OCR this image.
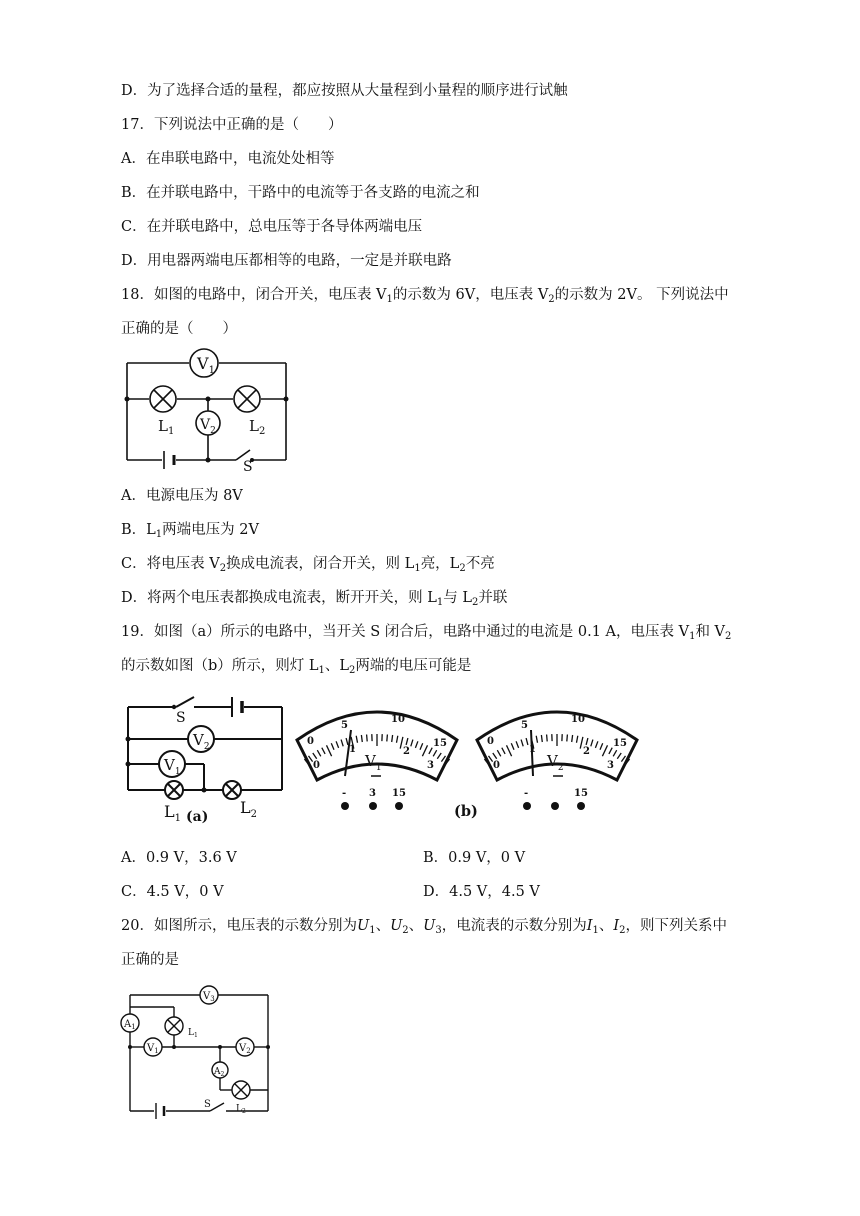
D．为了选择合适的量程，都应按照从大量程到小量程的顺序进行试触
17．下列说法中正确的是（　　）
A．在串联电路中，电流处处相等
B．在并联电路中，干路中的电流等于各支路的电流之和
C．在并联电路中，总电压等于各导体两端电压
D．用电器两端电压都相等的电路，一定是并联电路
18．如图的电路中，闭合开关，电压表 $V_1$的示数为 6V，电压表 $V_2$的示数为 2V。 下列说法中
正确的是（　　）
$V_1$
$V_2$
$L_1$	$L_2$
S
A．电源电压为 8V
B．$L_1$两端电压为 2V
C．将电压表 $V_2$换成电流表，闭合开关，则 $L_1$亮，$L_2$不亮
D．将两个电压表都换成电流表，断开开关，则 $L_1$与 $L_2$并联
19．如图（a）所示的电路中，当开关 S 闭合后，电路中通过的电流是 0.1 A，电压表 $V_1$和 $V_2$
的示数如图（b）所示，则灯 $L_1$、$L_2$两端的电压可能是
S
$V_2$
$V_1$
$L_1$
$L_2$
(a)
5
10
15
0
0
1	2
3
$V_1$
- 3 15
(b)
5
10
15
0
0
1	2
3
$V_2$
-	15
A．0.9 V，3.6 V	B．0.9 V，0 V
C．4.5 V，0 V	D．4.5 V，4.5 V
20．如图所示，电压表的示数分别为$U_1$、$U_2$、$U_3$，电流表的示数分别为$I_1$、$I_2$，则下列关系中
正确的是
$V_3$
$A_1$
$L_1$
$V_1$	$V_2$
$A_2$
S	$L_2$
